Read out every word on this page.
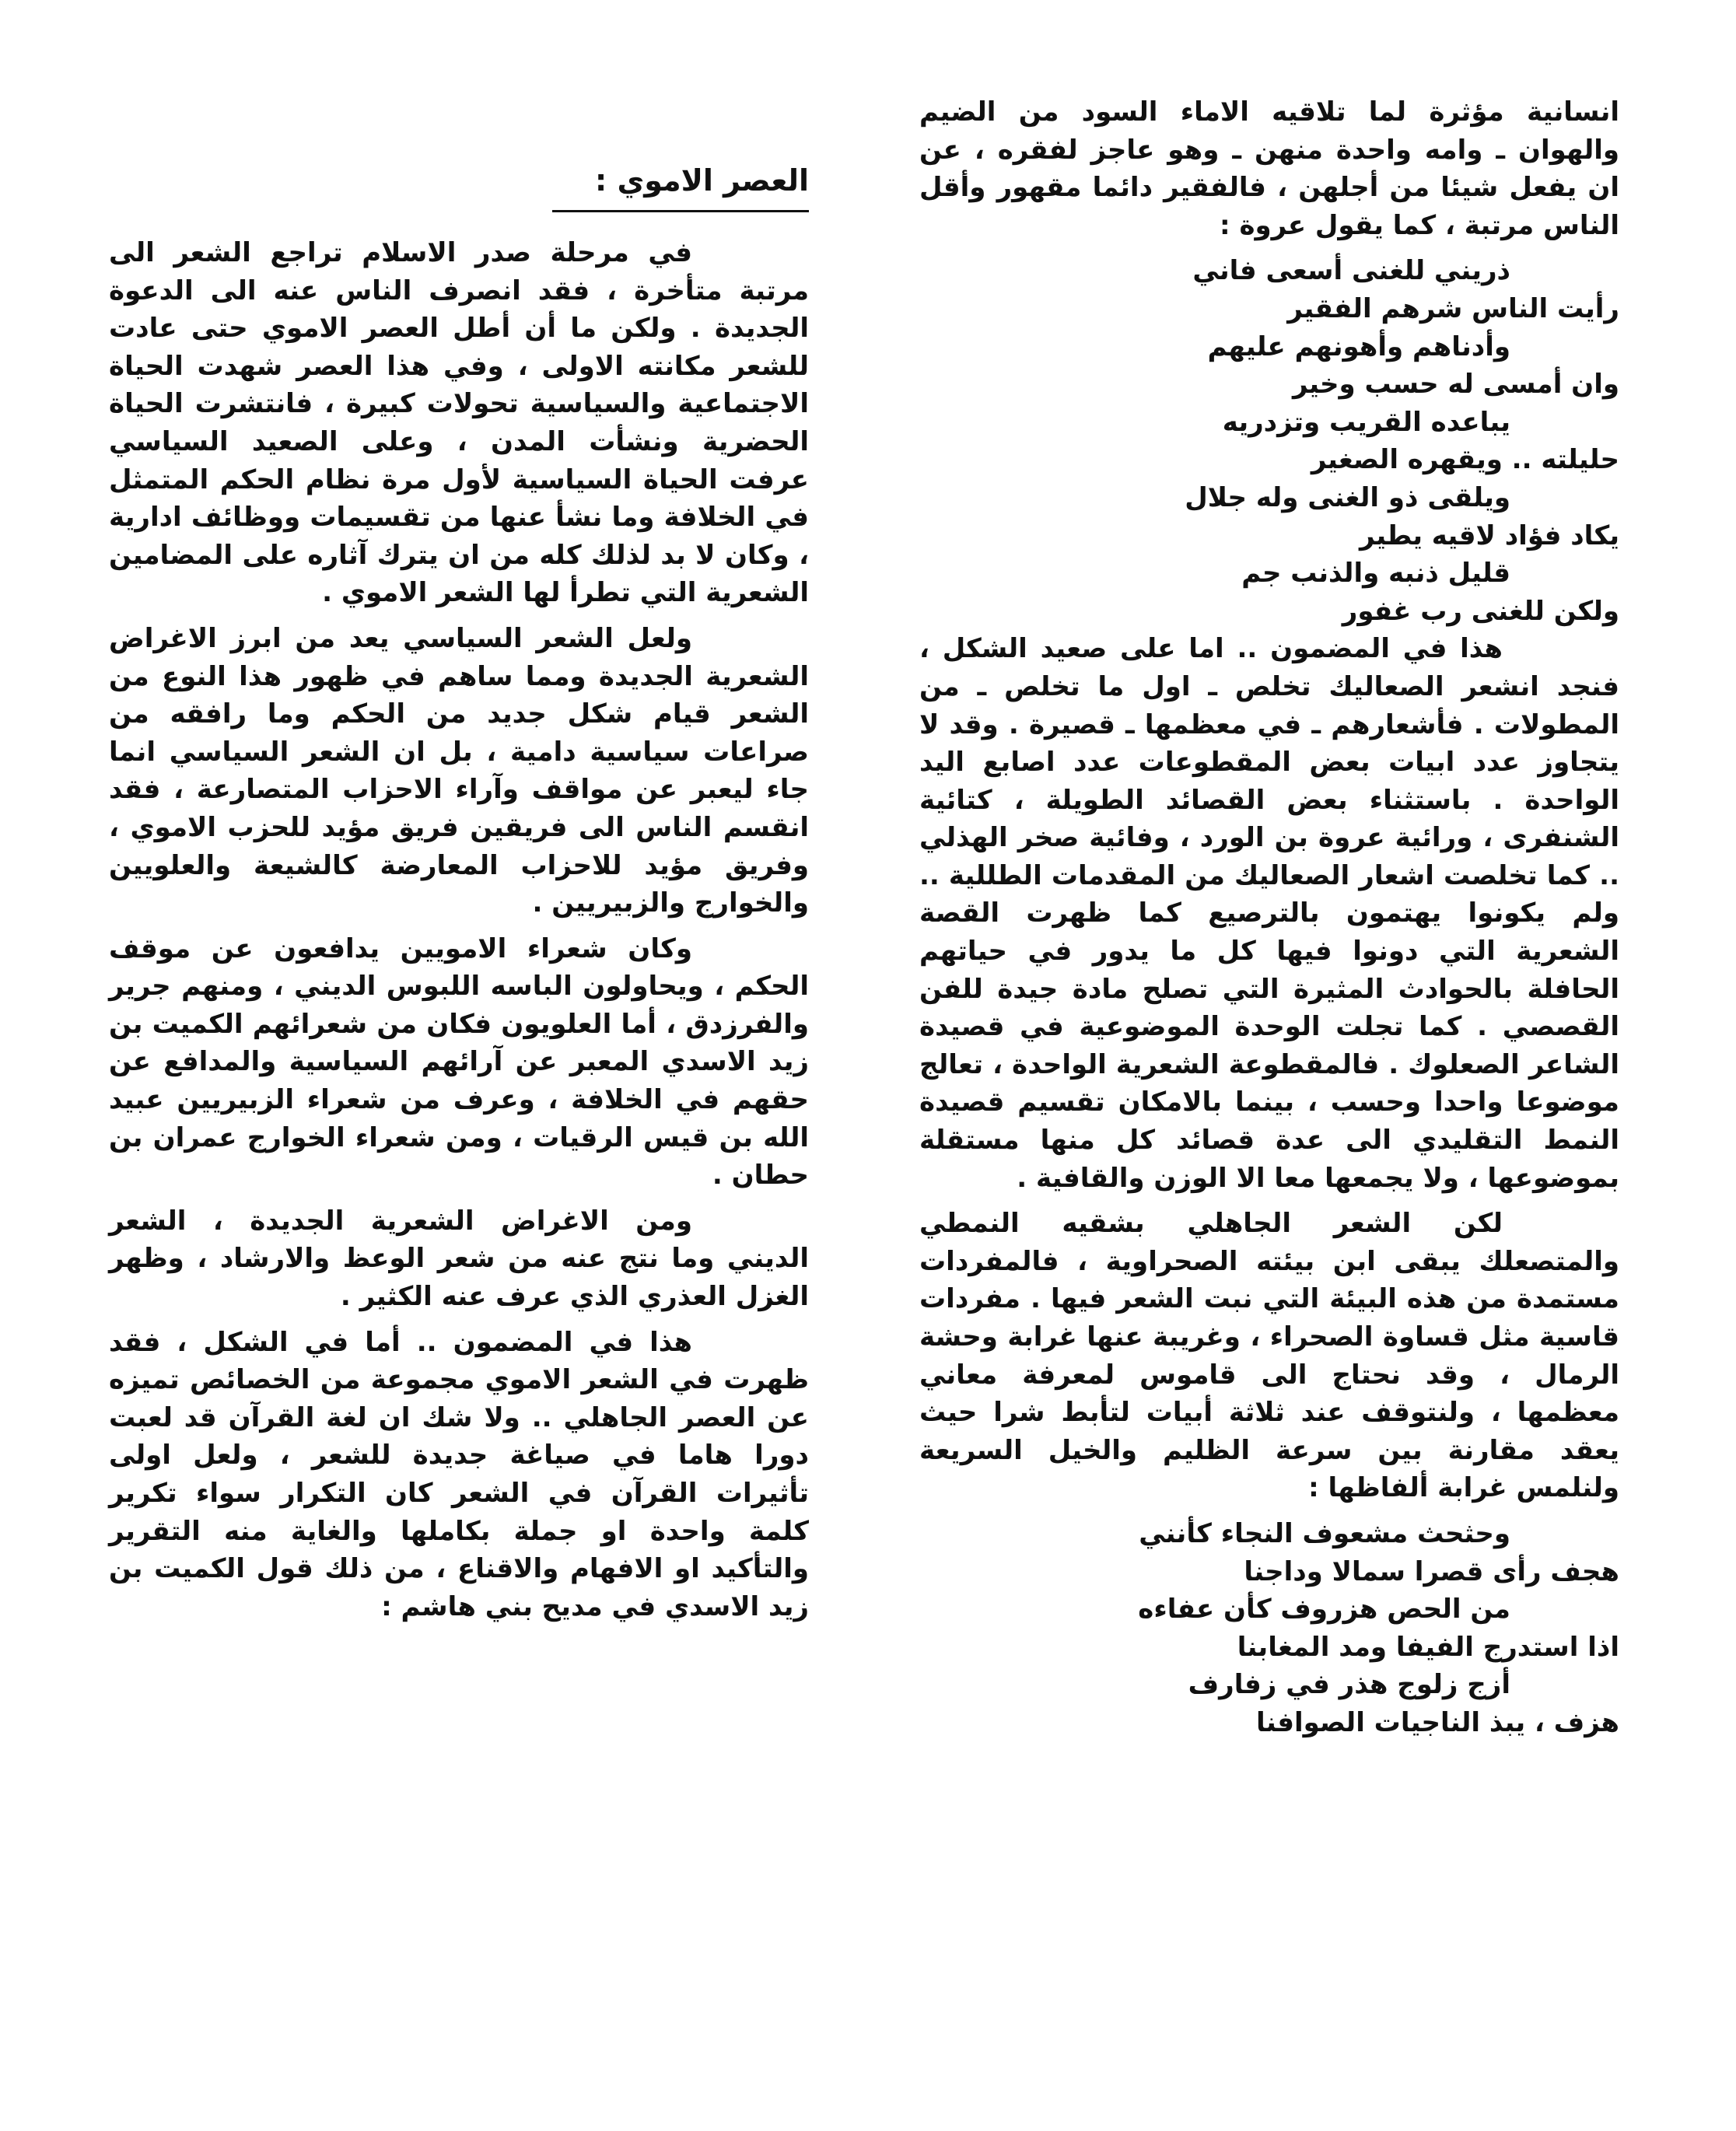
انسانية مؤثرة لما تلاقيه الاماء السود من الضيم والهوان ـ وامه واحدة منهن ـ وهو عاجز لفقره ، عن ان يفعل شيئا من أجلهن ، فالفقير دائما مقهور وأقل الناس مرتبة ، كما يقول عروة :

ذريني للغنى أسعى فاني
رأيت الناس شرهم الفقير
وأدناهم وأهونهم عليهم
وان أمسى له حسب وخير
يباعده القريب وتزدريه
حليلته .. ويقهره الصغير
ويلقى ذو الغنى وله جلال
يكاد فؤاد لاقيه يطير
قليل ذنبه والذنب جم
ولكن للغنى رب غفور

هذا في المضمون .. اما على صعيد الشكل ، فنجد انشعر الصعاليك تخلص ـ اول ما تخلص ـ من المطولات . فأشعارهم ـ في معظمها ـ قصيرة . وقد لا يتجاوز عدد ابيات بعض المقطوعات عدد اصابع اليد الواحدة . باستثناء بعض القصائد الطويلة ، كتائية الشنفرى ، ورائية عروة بن الورد ، وفائية صخر الهذلي .. كما تخلصت اشعار الصعاليك من المقدمات الطللية .. ولم يكونوا يهتمون بالترصيع كما ظهرت القصة الشعرية التي دونوا فيها كل ما يدور في حياتهم الحافلة بالحوادث المثيرة التي تصلح مادة جيدة للفن القصصي . كما تجلت الوحدة الموضوعية في قصيدة الشاعر الصعلوك . فالمقطوعة الشعرية الواحدة ، تعالج موضوعا واحدا وحسب ، بينما بالامكان تقسيم قصيدة النمط التقليدي الى عدة قصائد كل منها مستقلة بموضوعها ، ولا يجمعها معا الا الوزن والقافية .

لكن الشعر الجاهلي بشقيه النمطي والمتصعلك يبقى ابن بيئته الصحراوية ، فالمفردات مستمدة من هذه البيئة التي نبت الشعر فيها . مفردات قاسية مثل قساوة الصحراء ، وغريبة عنها غرابة وحشة الرمال ، وقد نحتاج الى قاموس لمعرفة معاني معظمها ، ولنتوقف عند ثلاثة أبيات لتأبط شرا حيث يعقد مقارنة بين سرعة الظليم والخيل السريعة ولنلمس غرابة ألفاظها :

وحثحث مشعوف النجاء كأنني
هجف رأى قصرا سمالا وداجنا
من الحص هزروف كأن عفاءه
اذا استدرج الفيفا ومد المغابنا
أزج زلوج هذر في زفارف
هزف ، يبذ الناجيات الصوافنا
العصر الاموي :

في مرحلة صدر الاسلام تراجع الشعر الى مرتبة متأخرة ، فقد انصرف الناس عنه الى الدعوة الجديدة . ولكن ما أن أطل العصر الاموي حتى عادت للشعر مكانته الاولى ، وفي هذا العصر شهدت الحياة الاجتماعية والسياسية تحولات كبيرة ، فانتشرت الحياة الحضرية ونشأت المدن ، وعلى الصعيد السياسي عرفت الحياة السياسية لأول مرة نظام الحكم المتمثل في الخلافة وما نشأ عنها من تقسيمات ووظائف ادارية ، وكان لا بد لذلك كله من ان يترك آثاره على المضامين الشعرية التي تطرأ لها الشعر الاموي .

ولعل الشعر السياسي يعد من ابرز الاغراض الشعرية الجديدة ومما ساهم في ظهور هذا النوع من الشعر قيام شكل جديد من الحكم وما رافقه من صراعات سياسية دامية ، بل ان الشعر السياسي انما جاء ليعبر عن مواقف وآراء الاحزاب المتصارعة ، فقد انقسم الناس الى فريقين فريق مؤيد للحزب الاموي ، وفريق مؤيد للاحزاب المعارضة كالشيعة والعلويين والخوارج والزبيريين .

وكان شعراء الامويين يدافعون عن موقف الحكم ، ويحاولون الباسه اللبوس الديني ، ومنهم جرير والفرزدق ، أما العلويون فكان من شعرائهم الكميت بن زيد الاسدي المعبر عن آرائهم السياسية والمدافع عن حقهم في الخلافة ، وعرف من شعراء الزبيريين عبيد الله بن قيس الرقيات ، ومن شعراء الخوارج عمران بن حطان .

ومن الاغراض الشعرية الجديدة ، الشعر الديني وما نتج عنه من شعر الوعظ والارشاد ، وظهر الغزل العذري الذي عرف عنه الكثير .

هذا في المضمون .. أما في الشكل ، فقد ظهرت في الشعر الاموي مجموعة من الخصائص تميزه عن العصر الجاهلي .. ولا شك ان لغة القرآن قد لعبت دورا هاما في صياغة جديدة للشعر ، ولعل اولى تأثيرات القرآن في الشعر كان التكرار سواء تكرير كلمة واحدة او جملة بكاملها والغاية منه التقرير والتأكيد او الافهام والاقناع ، من ذلك قول الكميت بن زيد الاسدي في مديح بني هاشم :
